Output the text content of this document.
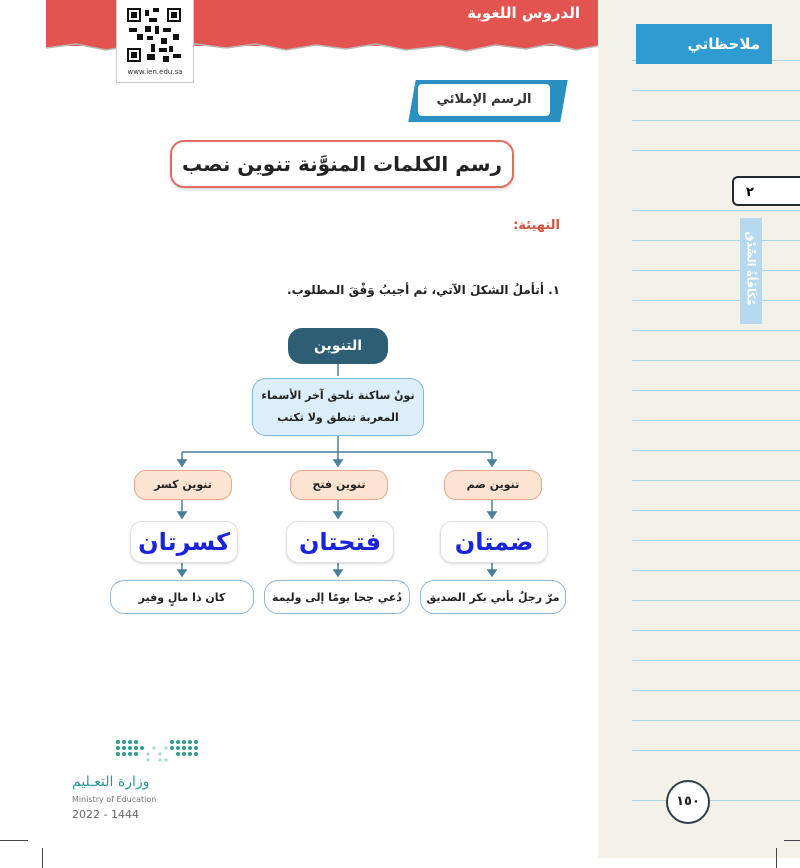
الدروس اللغوية
www.ien.edu.sa
ملاحظاتي
٢
مُكَافَأةُ الصِّدْق
الرسم الإملائي
رسم الكلمات المنوَّنة تنوين نصب
التهيئة:
١. أتأملُ الشكلَ الآتي، ثم أجيبُ وَفْقَ المطلوب.
التنوين
نونٌ ساكنة تلحق آخر الأسماء
المعربة تنطق ولا تكتب
تنوين ضم
تنوين فتح
تنوين كسر
ضمتان
فتحتان
كسرتان
مرّ رجلٌ بأبي بكر الصديق
دُعي جحا يومًا إلى وليمة
كان ذا مالٍ وفير
وزارة التعـليم
Ministry of Education
2022 - 1444
١٥٠
